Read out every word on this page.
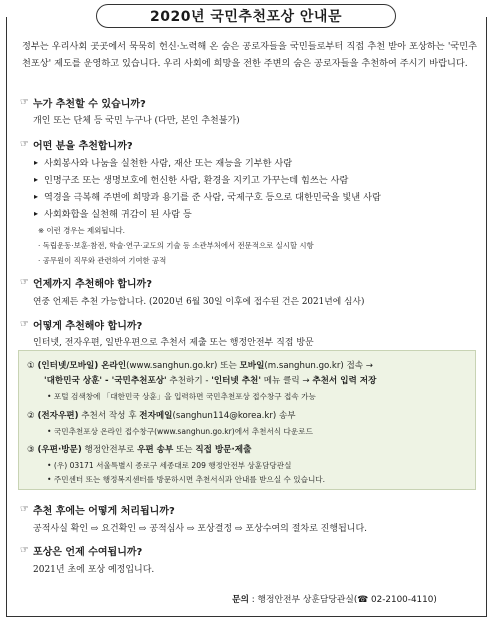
2020년 국민추천포상 안내문
정부는 우리사회 곳곳에서 묵묵히 헌신·노력해 온 숨은 공로자들을 국민들로부터 직접 추천 받아 포상하는 '국민추천포상' 제도를 운영하고 있습니다. 우리 사회에 희망을 전한 주변의 숨은 공로자들을 추천하여 주시기 바랍니다.
☞ 누가 추천할 수 있습니까?
개인 또는 단체 등 국민 누구나 (다만, 본인 추천불가)
☞ 어떤 분을 추천합니까?
▸ 사회봉사와 나눔을 실천한 사람, 재산 또는 재능을 기부한 사람
▸ 인명구조 또는 생명보호에 헌신한 사람, 환경을 지키고 가꾸는데 힘쓰는 사람
▸ 역경을 극복해 주변에 희망과 용기를 준 사람, 국제구호 등으로 대한민국을 빛낸 사람
▸ 사회화합을 실천해 귀감이 된 사람 등
※ 이런 경우는 제외됩니다.
· 독립운동·보훈·참전, 학술·연구·교도의 기술 등 소관부처에서 전문적으로 실시할 시항
· 공무원이 직무와 관련하여 기여한 공적
☞ 언제까지 추천해야 합니까?
연중 언제든 추천 가능합니다. (2020년 6월 30일 이후에 접수된 건은 2021년에 심사)
☞ 어떻게 추천해야 합니까?
인터넷, 전자우편, 일반우편으로 추천서 제출 또는 행정안전부 직접 방문
① (인터넷/모바일) 온라인(www.sanghun.go.kr) 또는 모바일(m.sanghun.go.kr) 접속 →
'대한민국 상훈' - '국민추천포상' 추천하기 - '인터넷 추천' 메뉴 클릭 → 추천서 입력 저장
• 포털 검색창에 「대한민국 상훈」을 입력하면 국민추천포상 접수창구 접속 가능
② (전자우편) 추천서 작성 후 전자메일(sanghun114@korea.kr) 송부
• 국민추천포상 온라인 접수창구(www.sanghun.go.kr)에서 추천서식 다운로드
③ (우편·방문) 행정안전부로 우편 송부 또는 직접 방문·제출
• (우) 03171 서울특별시 종로구 세종대로 209 행정안전부 상훈담당관실
• 주민센터 또는 행정복지센터를 방문하시면 추천서식과 안내를 받으실 수 있습니다.
☞ 추천 후에는 어떻게 처리됩니까?
공적사실 확인 ⇨ 요건확인 ⇨ 공적심사 ⇨ 포상결정 ⇨ 포상수여의 절차로 진행됩니다.
☞ 포상은 언제 수여됩니까?
2021년 초에 포상 예정입니다.
문의 : 행정안전부 상훈담당관실(☎ 02-2100-4110)
